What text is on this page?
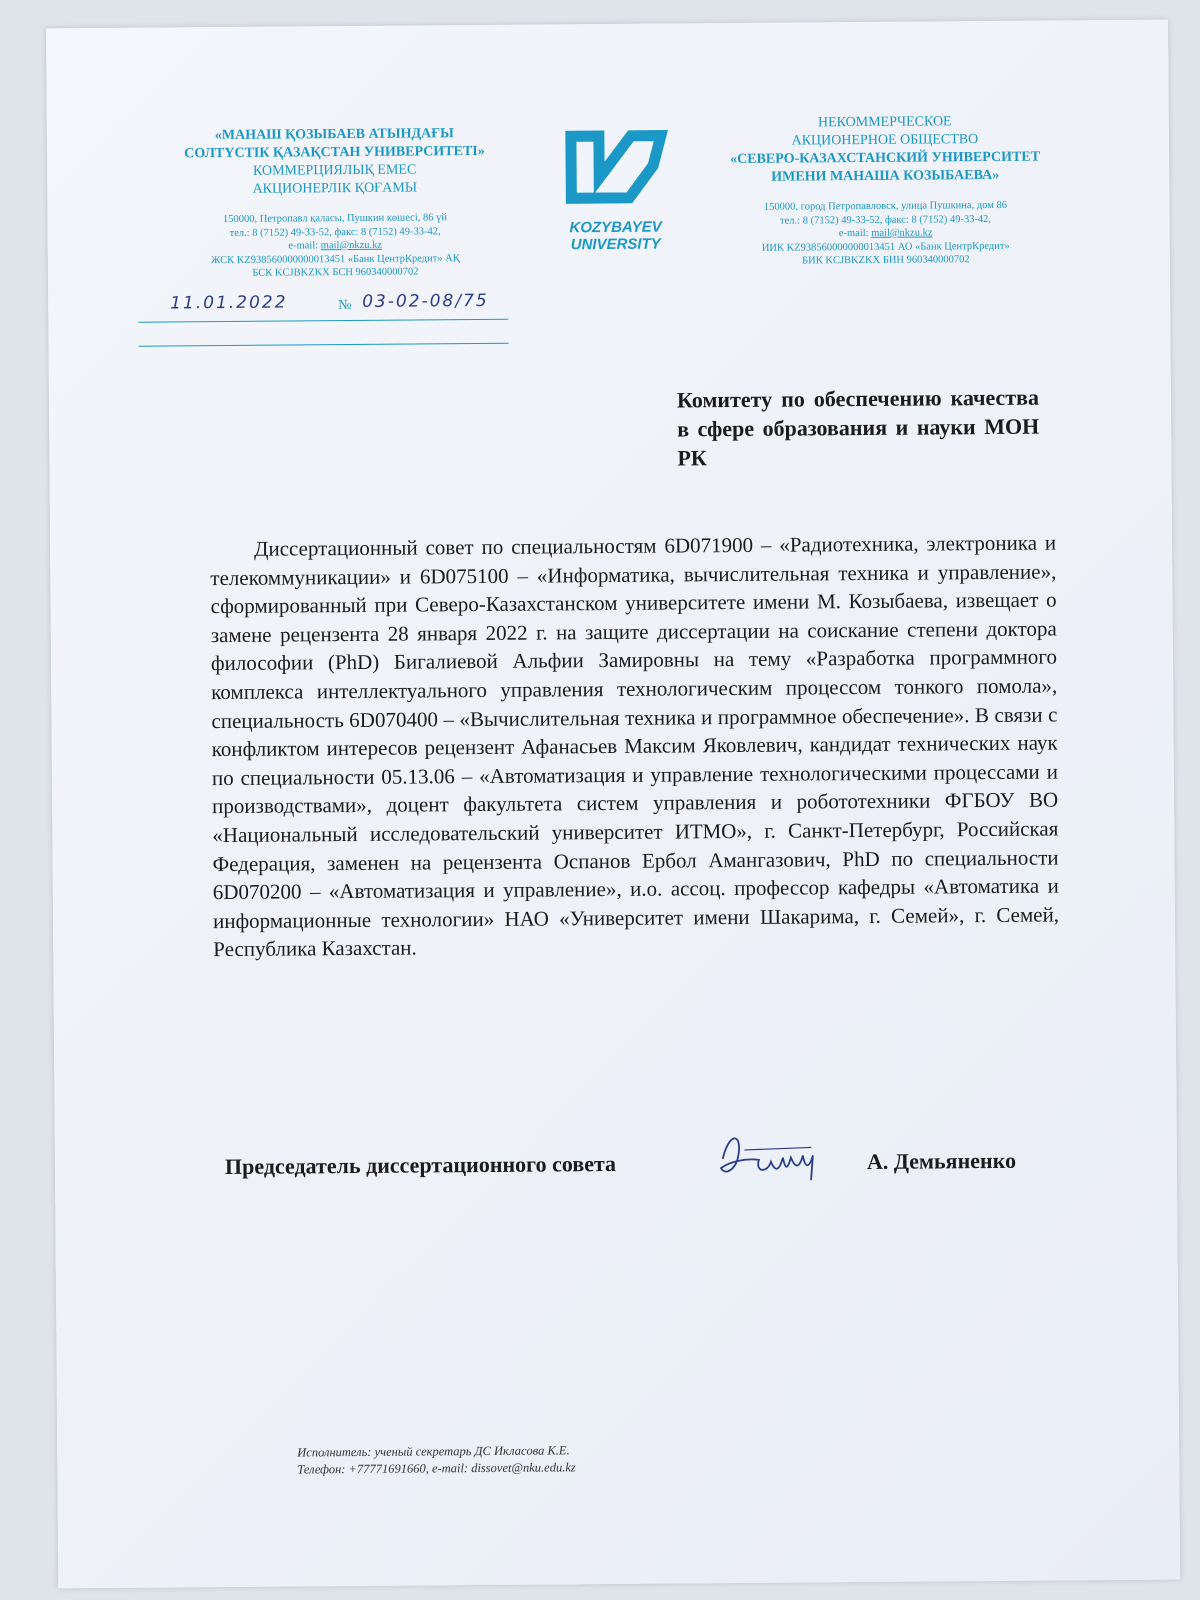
«МАНАШ ҚОЗЫБАЕВ АТЫНДАҒЫ
СОЛТҮСТІК ҚАЗАҚСТАН УНИВЕРСИТЕТІ»
КОММЕРЦИЯЛЫҚ ЕМЕС
АКЦИОНЕРЛІК ҚОҒАМЫ
150000, Петропавл қаласы, Пушкин көшесі, 86 үй
тел.: 8 (7152) 49-33-52, факс: 8 (7152) 49-33-42,
e-mail: mail@nkzu.kz
ЖСК KZ938560000000013451 «Банк ЦентрКредит» АҚ
БСК KCJBKZKX БСН 960340000702
KOZYBAYEV
UNIVERSITY
НЕКОММЕРЧЕСКОЕ
АКЦИОНЕРНОЕ ОБЩЕСТВО
«СЕВЕРО-КАЗАХСТАНСКИЙ УНИВЕРСИТЕТ
ИМЕНИ МАНАША КОЗЫБАЕВА»
150000, город Петропавловск, улица Пушкина, дом 86
тел.: 8 (7152) 49-33-52, факс: 8 (7152) 49-33-42,
e-mail: mail@nkzu.kz
ИИК KZ938560000000013451 АО «Банк ЦентрКредит»
БИК KCJBKZKX БИН 960340000702
11.01.2022	№ 03-02-08/75
Комитету по обеспечению качества в сфере образования и науки МОН РК

Диссертационный совет по специальностям 6D071900 – «Радиотехника, электроника и телекоммуникации» и 6D075100 – «Информатика, вычислительная техника и управление», сформированный при Северо-Казахстанском университете имени М. Козыбаева, извещает о замене рецензента 28 января 2022 г. на защите диссертации на соискание степени доктора философии (PhD) Бигалиевой Альфии Замировны на тему «Разработка программного комплекса интеллектуального управления технологическим процессом тонкого помола», специальность 6D070400 – «Вычислительная техника и программное обеспечение». В связи с конфликтом интересов рецензент Афанасьев Максим Яковлевич, кандидат технических наук по специальности 05.13.06 – «Автоматизация и управление технологическими процессами и производствами», доцент факультета систем управления и робототехники ФГБОУ ВО «Национальный исследовательский университет ИТМО», г. Санкт-Петербург, Российская Федерация, заменен на рецензента Оспанов Ербол Амангазович, PhD по специальности 6D070200 – «Автоматизация и управление», и.о. ассоц. профессор кафедры «Автоматика и информационные технологии» НАО «Университет имени Шакарима, г. Семей», г. Семей, Республика Казахстан.

Председатель диссертационного совета	А. Демьяненко
Исполнитель: ученый секретарь ДС Иклаcова К.Е.
Телефон: +77771691660, e-mail: dissovet@nku.edu.kz
